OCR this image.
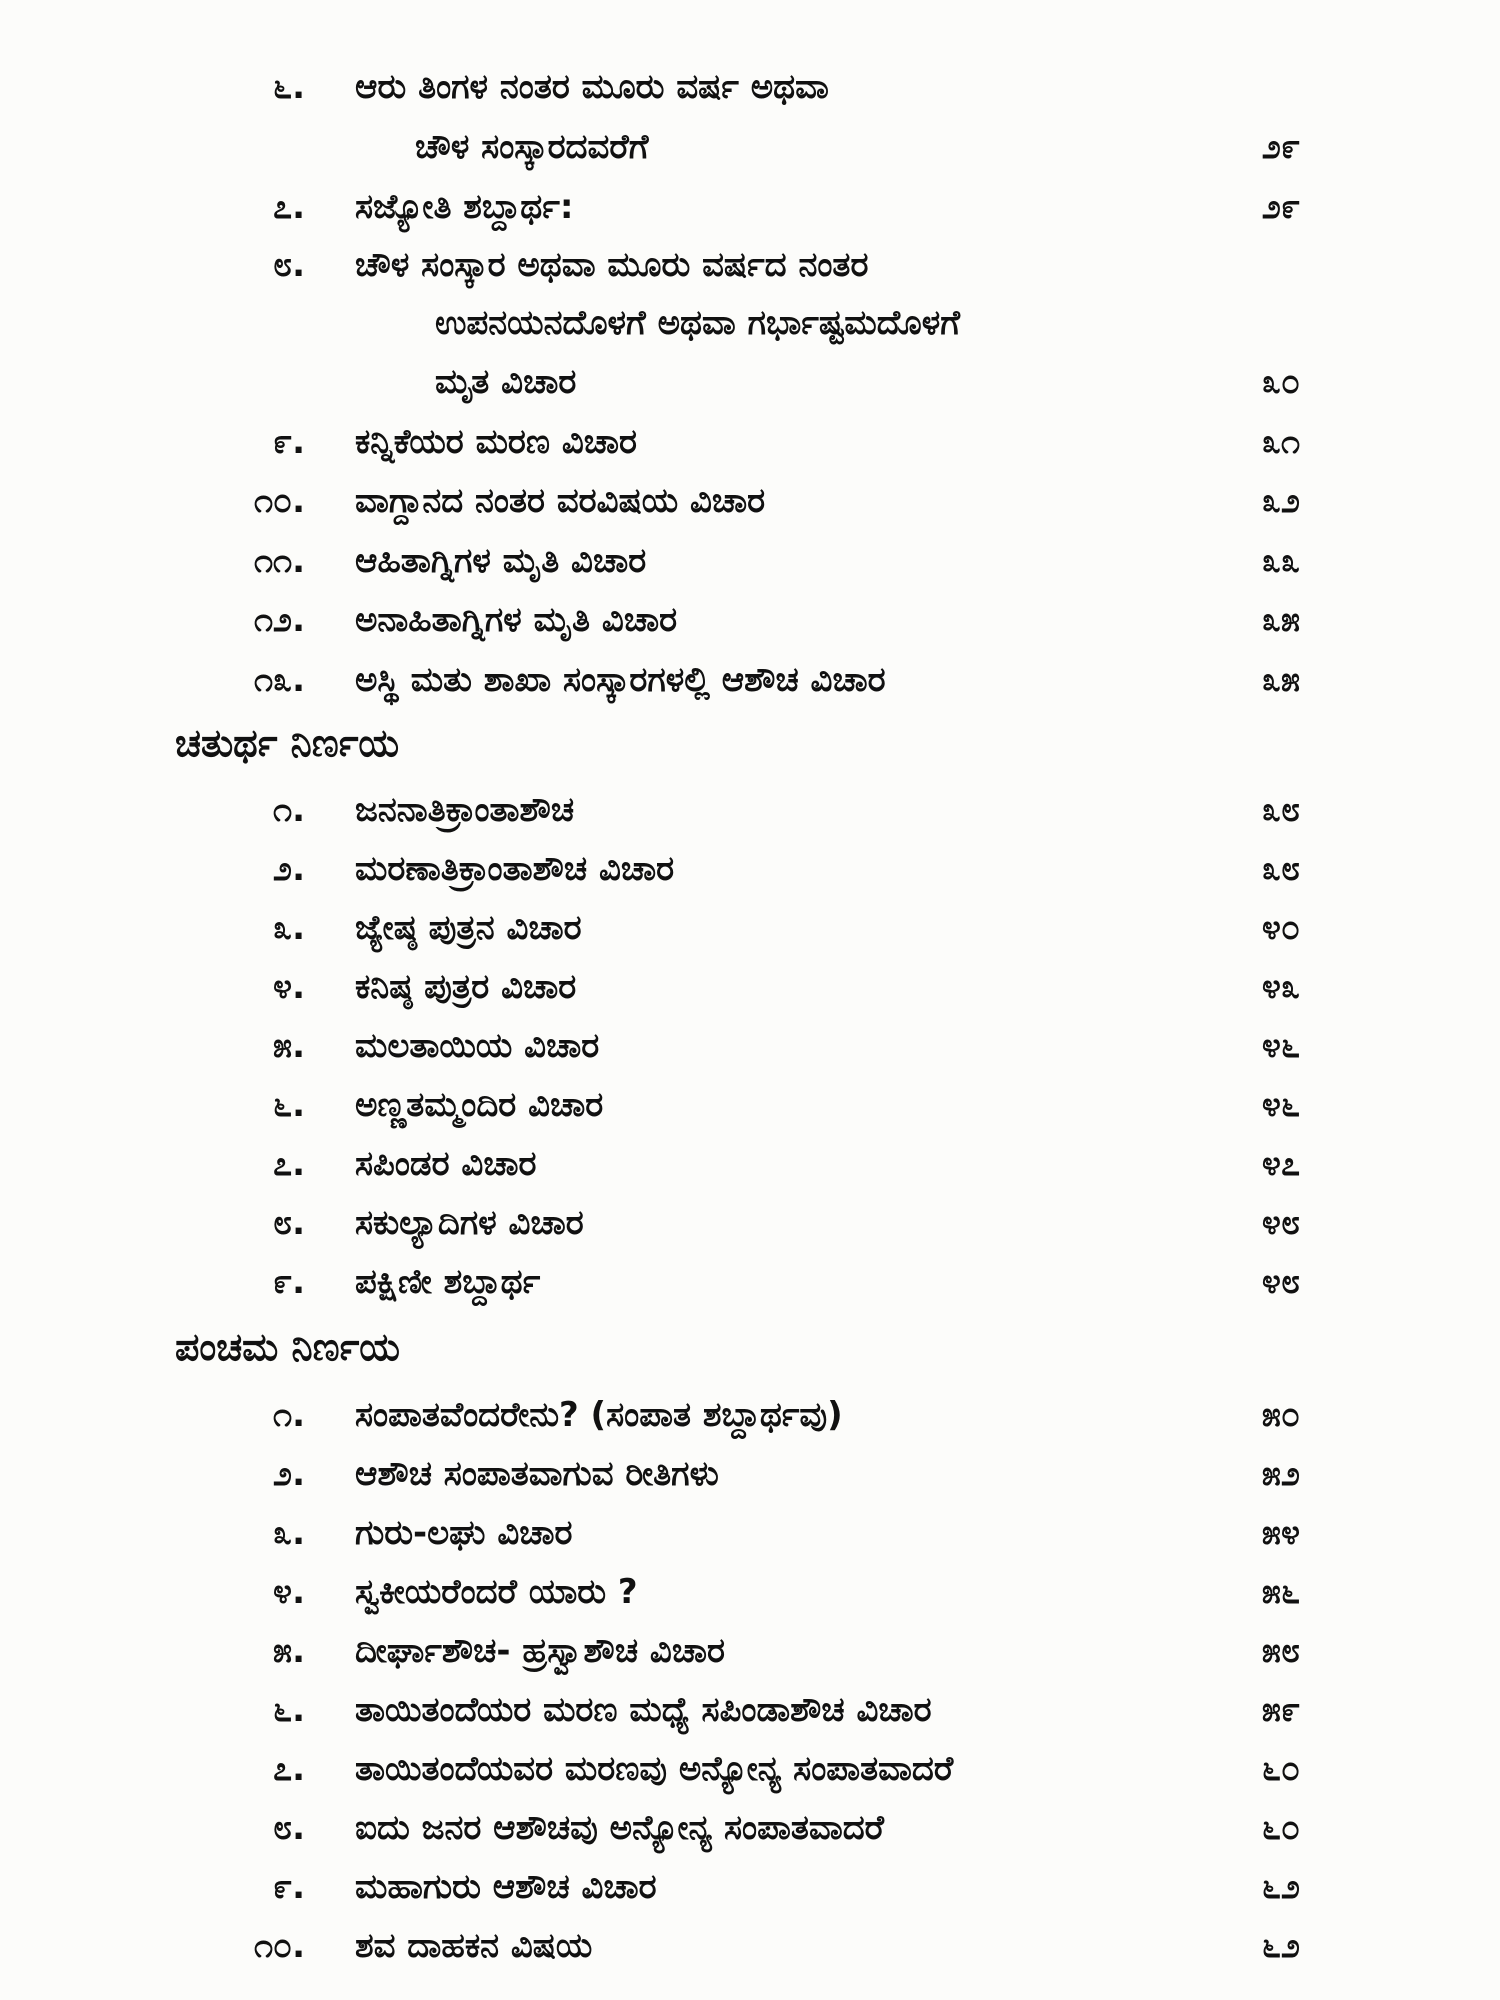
೬. ಆರು ತಿಂಗಳ ನಂತರ ಮೂರು ವರ್ಷ ಅಥವಾ
ಚೌಳ ಸಂಸ್ಕಾರದವರೆಗೆ	೨೯
೭. ಸಜ್ಯೋತಿ ಶಬ್ದಾರ್ಥ:	೨೯
೮. ಚೌಳ ಸಂಸ್ಕಾರ ಅಥವಾ ಮೂರು ವರ್ಷದ ನಂತರ
ಉಪನಯನದೊಳಗೆ ಅಥವಾ ಗರ್ಭಾಷ್ಟಮದೊಳಗೆ
ಮೃತ ವಿಚಾರ	೩೦
೯. ಕನ್ನಿಕೆಯರ ಮರಣ ವಿಚಾರ	೩೧
೧೦. ವಾಗ್ದಾನದ ನಂತರ ವರವಿಷಯ ವಿಚಾರ	೩೨
೧೧. ಆಹಿತಾಗ್ನಿಗಳ ಮೃತಿ ವಿಚಾರ	೩೩
೧೨. ಅನಾಹಿತಾಗ್ನಿಗಳ ಮೃತಿ ವಿಚಾರ	೩೫
೧೩. ಅಸ್ಥಿ ಮತು ಶಾಖಾ ಸಂಸ್ಕಾರಗಳಲ್ಲಿ ಆಶೌಚ ವಿಚಾರ	೩೫
ಚತುರ್ಥ ನಿರ್ಣಯ
೧. ಜನನಾತಿಕ್ರಾಂತಾಶೌಚ	೩೮
೨. ಮರಣಾತಿಕ್ರಾಂತಾಶೌಚ ವಿಚಾರ	೩೮
೩. ಜ್ಯೇಷ್ಠ ಪುತ್ರನ ವಿಚಾರ	೪೦
೪. ಕನಿಷ್ಠ ಪುತ್ರರ ವಿಚಾರ	೪೩
೫. ಮಲತಾಯಿಯ ವಿಚಾರ	೪೬
೬. ಅಣ್ಣತಮ್ಮಂದಿರ ವಿಚಾರ	೪೬
೭. ಸಪಿಂಡರ ವಿಚಾರ	೪೭
೮. ಸಕುಲ್ಯಾದಿಗಳ ವಿಚಾರ	೪೮
೯. ಪಕ್ಷಿಣೀ ಶಬ್ದಾರ್ಥ	೪೮
ಪಂಚಮ ನಿರ್ಣಯ
೧. ಸಂಪಾತವೆಂದರೇನು? (ಸಂಪಾತ ಶಬ್ದಾರ್ಥವು)	೫೦
೨. ಆಶೌಚ ಸಂಪಾತವಾಗುವ ರೀತಿಗಳು	೫೨
೩. ಗುರು-ಲಘು ವಿಚಾರ	೫೪
೪. ಸ್ವಕೀಯರೆಂದರೆ ಯಾರು ?	೫೬
೫. ದೀರ್ಘಾಶೌಚ- ಹ್ರಸ್ವಾಶೌಚ ವಿಚಾರ	೫೮
೬. ತಾಯಿತಂದೆಯರ ಮರಣ ಮಧ್ಯೆ ಸಪಿಂಡಾಶೌಚ ವಿಚಾರ	೫೯
೭. ತಾಯಿತಂದೆಯವರ ಮರಣವು ಅನ್ಯೋನ್ಯ ಸಂಪಾತವಾದರೆ	೬೦
೮. ಐದು ಜನರ ಆಶೌಚವು ಅನ್ಯೋನ್ಯ ಸಂಪಾತವಾದರೆ	೬೦
೯. ಮಹಾಗುರು ಆಶೌಚ ವಿಚಾರ	೬೨
೧೦. ಶವ ದಾಹಕನ ವಿಷಯ	೬೨
